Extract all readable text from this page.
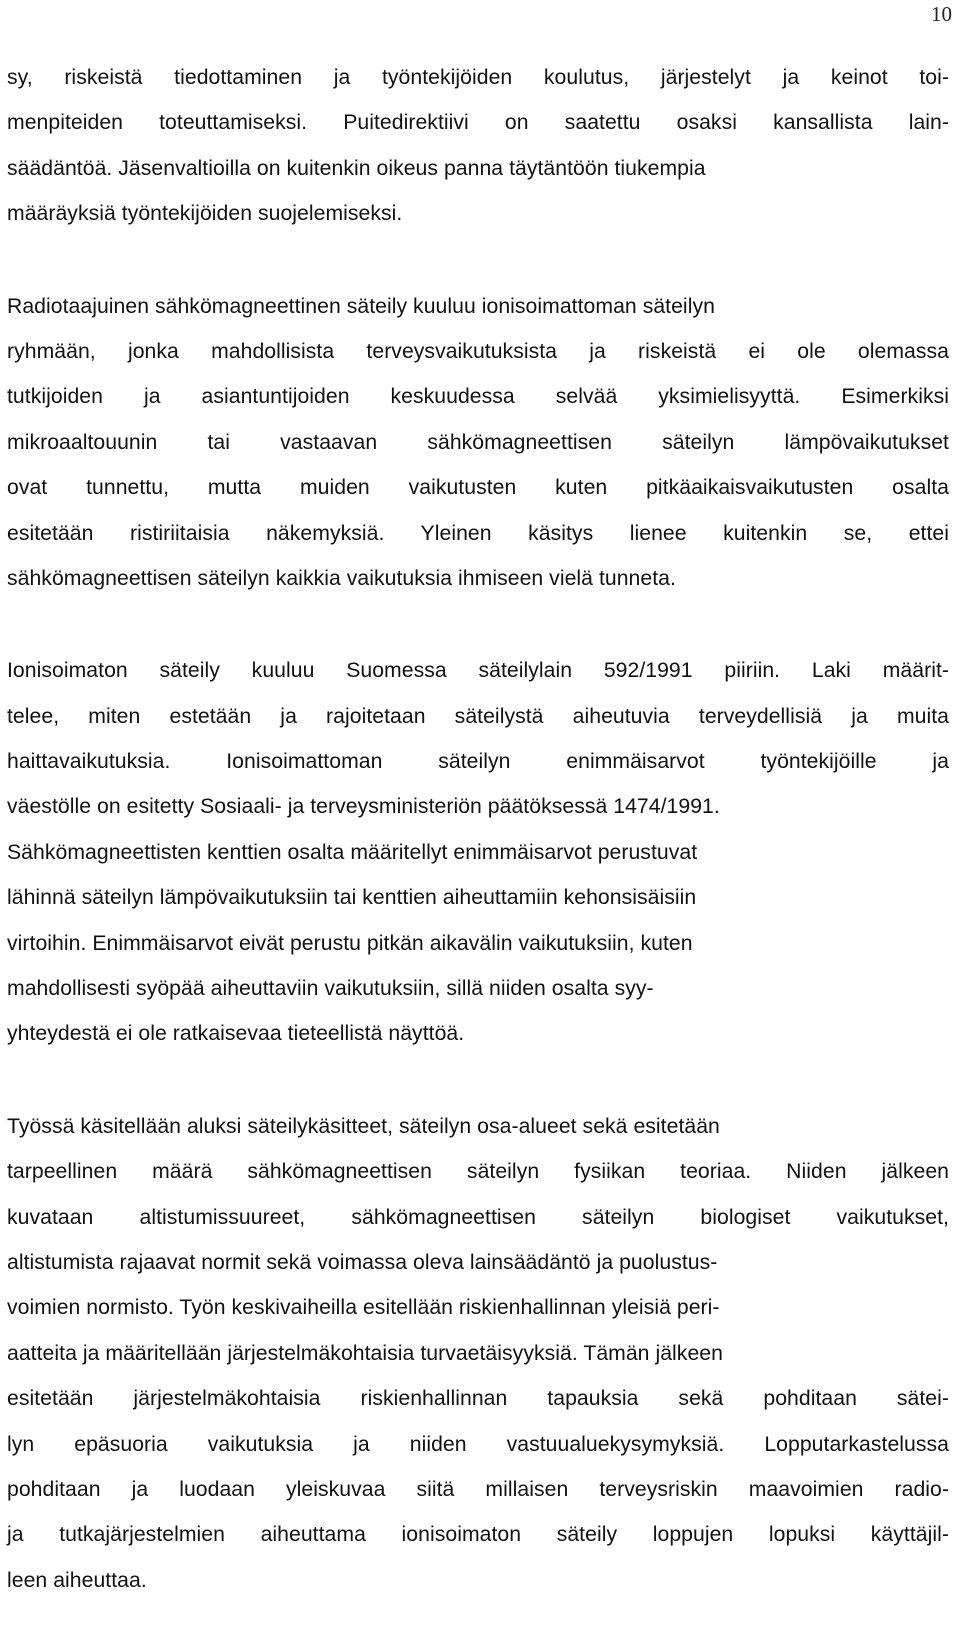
10
sy, riskeistä tiedottaminen ja työntekijöiden koulutus, järjestelyt ja keinot toi-
menpiteiden toteuttamiseksi. Puitedirektiivi on saatettu osaksi kansallista lain-
säädäntöä. Jäsenvaltioilla on kuitenkin oikeus panna täytäntöön tiukempia
määräyksiä työntekijöiden suojelemiseksi.
Radiotaajuinen sähkömagneettinen säteily kuuluu ionisoimattoman säteilyn
ryhmään, jonka mahdollisista terveysvaikutuksista ja riskeistä ei ole olemassa
tutkijoiden ja asiantuntijoiden keskuudessa selvää yksimielisyyttä. Esimerkiksi
mikroaaltouunin tai vastaavan sähkömagneettisen säteilyn lämpövaikutukset
ovat tunnettu, mutta muiden vaikutusten kuten pitkäaikaisvaikutusten osalta
esitetään ristiriitaisia näkemyksiä. Yleinen käsitys lienee kuitenkin se, ettei
sähkömagneettisen säteilyn kaikkia vaikutuksia ihmiseen vielä tunneta.
Ionisoimaton säteily kuuluu Suomessa säteilylain 592/1991 piiriin. Laki määrit-
telee, miten estetään ja rajoitetaan säteilystä aiheutuvia terveydellisiä ja muita
haittavaikutuksia. Ionisoimattoman säteilyn enimmäisarvot työntekijöille ja
väestölle on esitetty Sosiaali- ja terveysministeriön päätöksessä 1474/1991.
Sähkömagneettisten kenttien osalta määritellyt enimmäisarvot perustuvat
lähinnä säteilyn lämpövaikutuksiin tai kenttien aiheuttamiin kehonsisäisiin
virtoihin. Enimmäisarvot eivät perustu pitkän aikavälin vaikutuksiin, kuten
mahdollisesti syöpää aiheuttaviin vaikutuksiin, sillä niiden osalta syy-
yhteydestä ei ole ratkaisevaa tieteellistä näyttöä.
Työssä käsitellään aluksi säteilykäsitteet, säteilyn osa-alueet sekä esitetään
tarpeellinen määrä sähkömagneettisen säteilyn fysiikan teoriaa. Niiden jälkeen
kuvataan altistumissuureet, sähkömagneettisen säteilyn biologiset vaikutukset,
altistumista rajaavat normit sekä voimassa oleva lainsäädäntö ja puolustus-
voimien normisto. Työn keskivaiheilla esitellään riskienhallinnan yleisiä peri-
aatteita ja määritellään järjestelmäkohtaisia turvaetäisyyksiä. Tämän jälkeen
esitetään järjestelmäkohtaisia riskienhallinnan tapauksia sekä pohditaan sätei-
lyn epäsuoria vaikutuksia ja niiden vastuualuekysymyksiä. Lopputarkastelussa
pohditaan ja luodaan yleiskuvaa siitä millaisen terveysriskin maavoimien radio-
ja tutkajärjestelmien aiheuttama ionisoimaton säteily loppujen lopuksi käyttäjil-
leen aiheuttaa.
